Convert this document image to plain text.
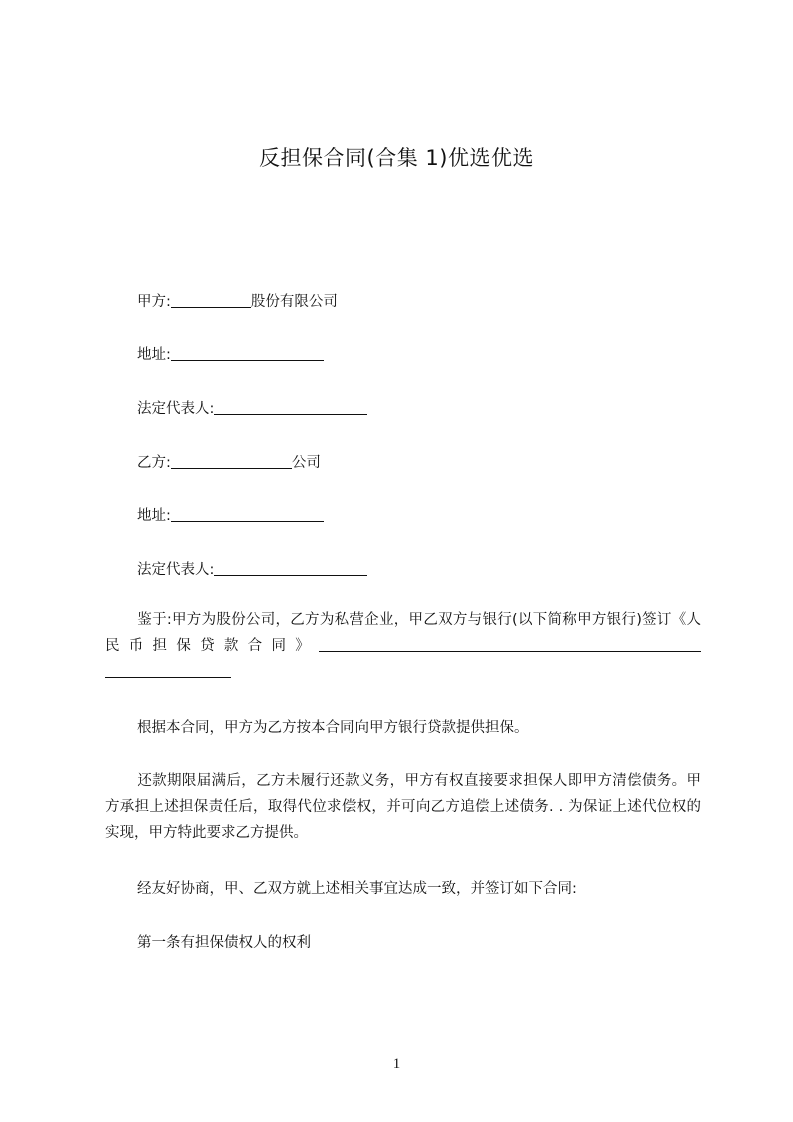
反担保合同(合集 1)优选优选
甲方:	股份有限公司
地址:
法定代表人:
乙方:	公司
地址:
法定代表人:
鉴于:甲方为股份公司，乙方为私营企业，甲乙双方与银行(以下简称甲方银行)签订《人民币担保贷款合同》
根据本合同，甲方为乙方按本合同向甲方银行贷款提供担保。
还款期限届满后，乙方未履行还款义务，甲方有权直接要求担保人即甲方清偿债务。甲方承担上述担保责任后，取得代位求偿权，并可向乙方追偿上述债务. . 为保证上述代位权的实现，甲方特此要求乙方提供。
经友好协商，甲、乙双方就上述相关事宜达成一致，并签订如下合同:
第一条有担保债权人的权利
1
